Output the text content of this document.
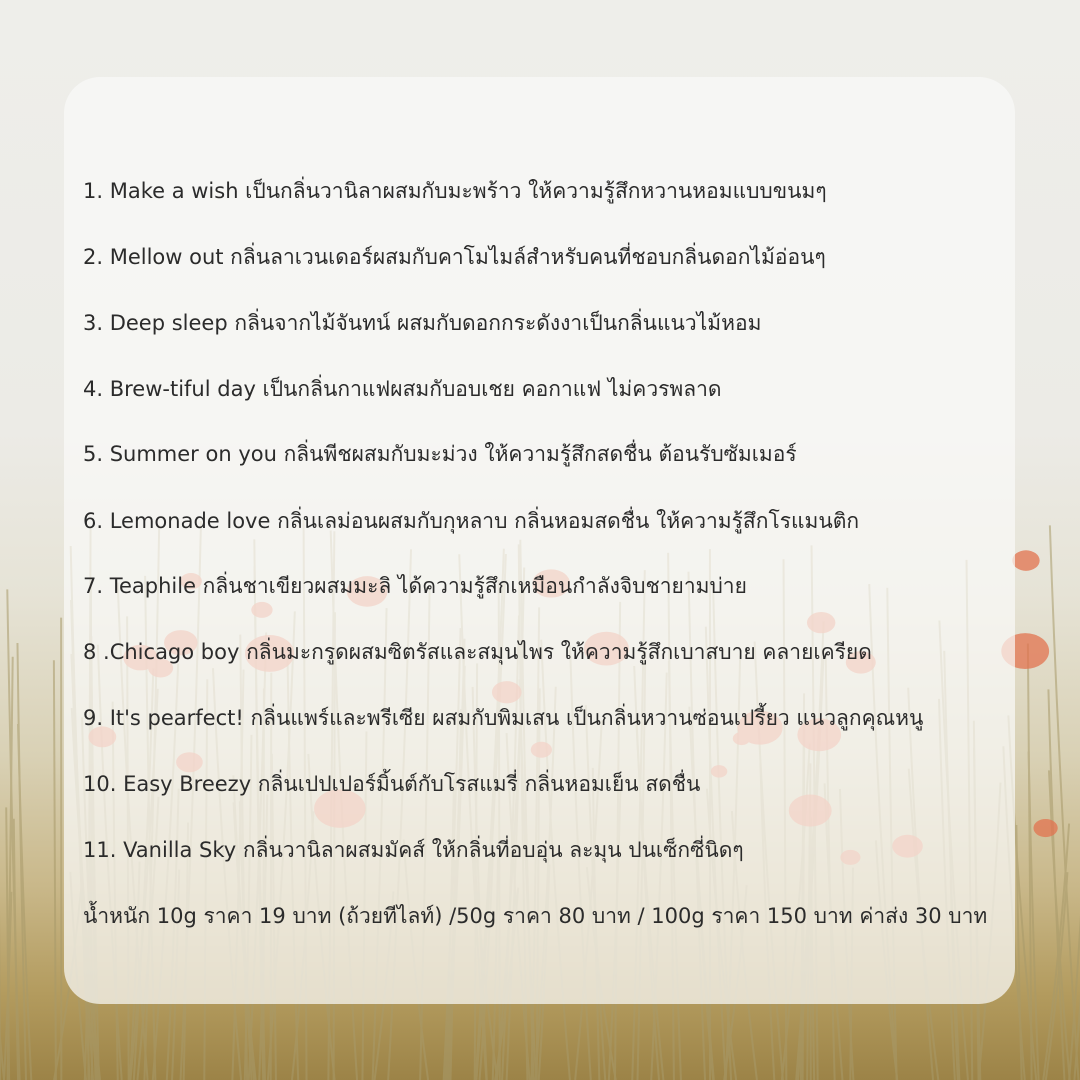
1. Make a wish เป็นกลิ่นวานิลาผสมกับมะพร้าว ให้ความรู้สึกหวานหอมแบบขนมๆ
2. Mellow out กลิ่นลาเวนเดอร์ผสมกับคาโมไมล์สำหรับคนที่ชอบกลิ่นดอกไม้อ่อนๆ
3. Deep sleep กลิ่นจากไม้จันทน์ ผสมกับดอกกระดังงาเป็นกลิ่นแนวไม้หอม
4. Brew-tiful day เป็นกลิ่นกาแฟผสมกับอบเชย คอกาแฟ ไม่ควรพลาด
5. Summer on you กลิ่นพีชผสมกับมะม่วง ให้ความรู้สึกสดชื่น ต้อนรับซัมเมอร์
6. Lemonade love กลิ่นเลม่อนผสมกับกุหลาบ กลิ่นหอมสดชื่น ให้ความรู้สึกโรแมนติก
7. Teaphile กลิ่นชาเขียวผสมมะลิ ได้ความรู้สึกเหมือนกำลังจิบชายามบ่าย
8 .Chicago boy กลิ่นมะกรูดผสมซิตรัสและสมุนไพร ให้ความรู้สึกเบาสบาย คลายเครียด
9. It's pearfect! กลิ่นแพร์และพรีเซีย ผสมกับพิมเสน เป็นกลิ่นหวานซ่อนเปรี้ยว แนวลูกคุณหนู
10. Easy Breezy กลิ่นเปปเปอร์มิ้นต์กับโรสแมรี่ กลิ่นหอมเย็น สดชื่น
11. Vanilla Sky กลิ่นวานิลาผสมมัคส์ ให้กลิ่นที่อบอุ่น ละมุน ปนเซ็กซี่นิดๆ
น้ำหนัก 10g ราคา 19 บาท (ถ้วยทีไลท์) /50g ราคา 80 บาท / 100g ราคา 150 บาท ค่าส่ง 30 บาท
